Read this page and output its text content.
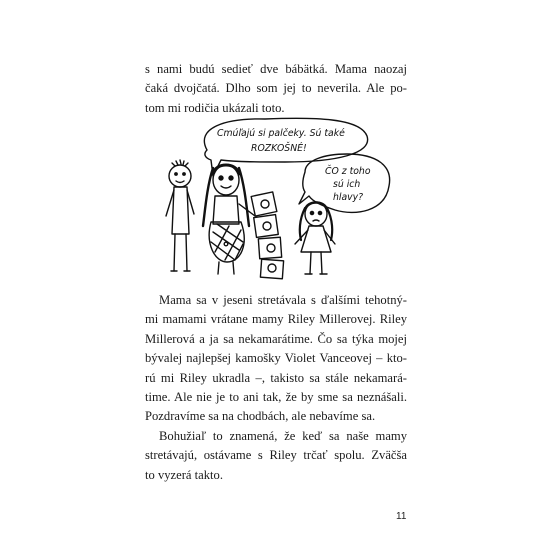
s nami budú sedieť dve bábätká. Mama naozaj
čaká dvojčatá. Dlho som jej to neverila. Ale po-
tom mi rodičia ukázali toto.

Cmúľajú si palčeky. Sú také
ROZKOŠNÉ!
ČO z toho
sú ich
hlavy?

Mama sa v jeseni stretávala s ďalšími tehotný-
mi mamami vrátane mamy Riley Millerovej. Riley
Millerová a ja sa nekamarátime. Čo sa týka mojej
bývalej najlepšej kamošky Violet Vanceovej – kto-
rú mi Riley ukradla –, takisto sa stále nekamará-
time. Ale nie je to ani tak, že by sme sa neznášali.
Pozdravíme sa na chodbách, ale nebavíme sa.

Bohužiaľ to znamená, že keď sa naše mamy
stretávajú, ostávame s Riley trčať spolu. Zväčša
to vyzerá takto.

11
